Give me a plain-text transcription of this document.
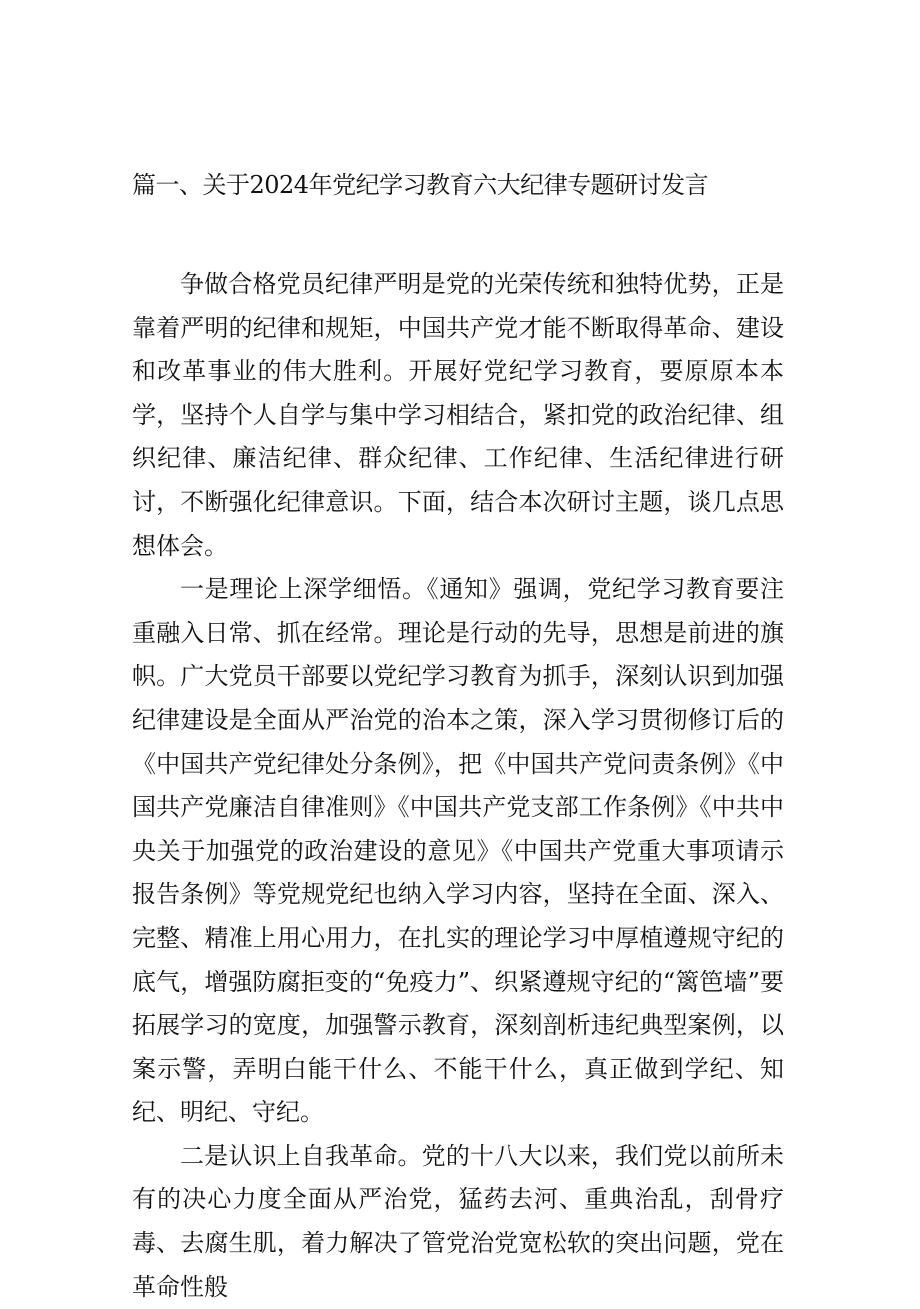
篇一、关于2024年党纪学习教育六大纪律专题研讨发言

争做合格党员纪律严明是党的光荣传统和独特优势，正是靠着严明的纪律和规矩，中国共产党才能不断取得革命、建设和改革事业的伟大胜利。开展好党纪学习教育，要原原本本学，坚持个人自学与集中学习相结合，紧扣党的政治纪律、组织纪律、廉洁纪律、群众纪律、工作纪律、生活纪律进行研讨，不断强化纪律意识。下面，结合本次研讨主题，谈几点思想体会。

一是理论上深学细悟。《通知》强调，党纪学习教育要注重融入日常、抓在经常。理论是行动的先导，思想是前进的旗帜。广大党员干部要以党纪学习教育为抓手，深刻认识到加强纪律建设是全面从严治党的治本之策，深入学习贯彻修订后的《中国共产党纪律处分条例》，把《中国共产党问责条例》《中国共产党廉洁自律准则》《中国共产党支部工作条例》《中共中央关于加强党的政治建设的意见》《中国共产党重大事项请示报告条例》等党规党纪也纳入学习内容，坚持在全面、深入、完整、精准上用心用力，在扎实的理论学习中厚植遵规守纪的底气，增强防腐拒变的“免疫力”、织紧遵规守纪的“篱笆墙”要拓展学习的宽度，加强警示教育，深刻剖析违纪典型案例，以案示警，弄明白能干什么、不能干什么，真正做到学纪、知纪、明纪、守纪。

二是认识上自我革命。党的十八大以来，我们党以前所未有的决心力度全面从严治党，猛药去河、重典治乱，刮骨疗毒、去腐生肌，着力解决了管党治党宽松软的突出问题，党在革命性般
